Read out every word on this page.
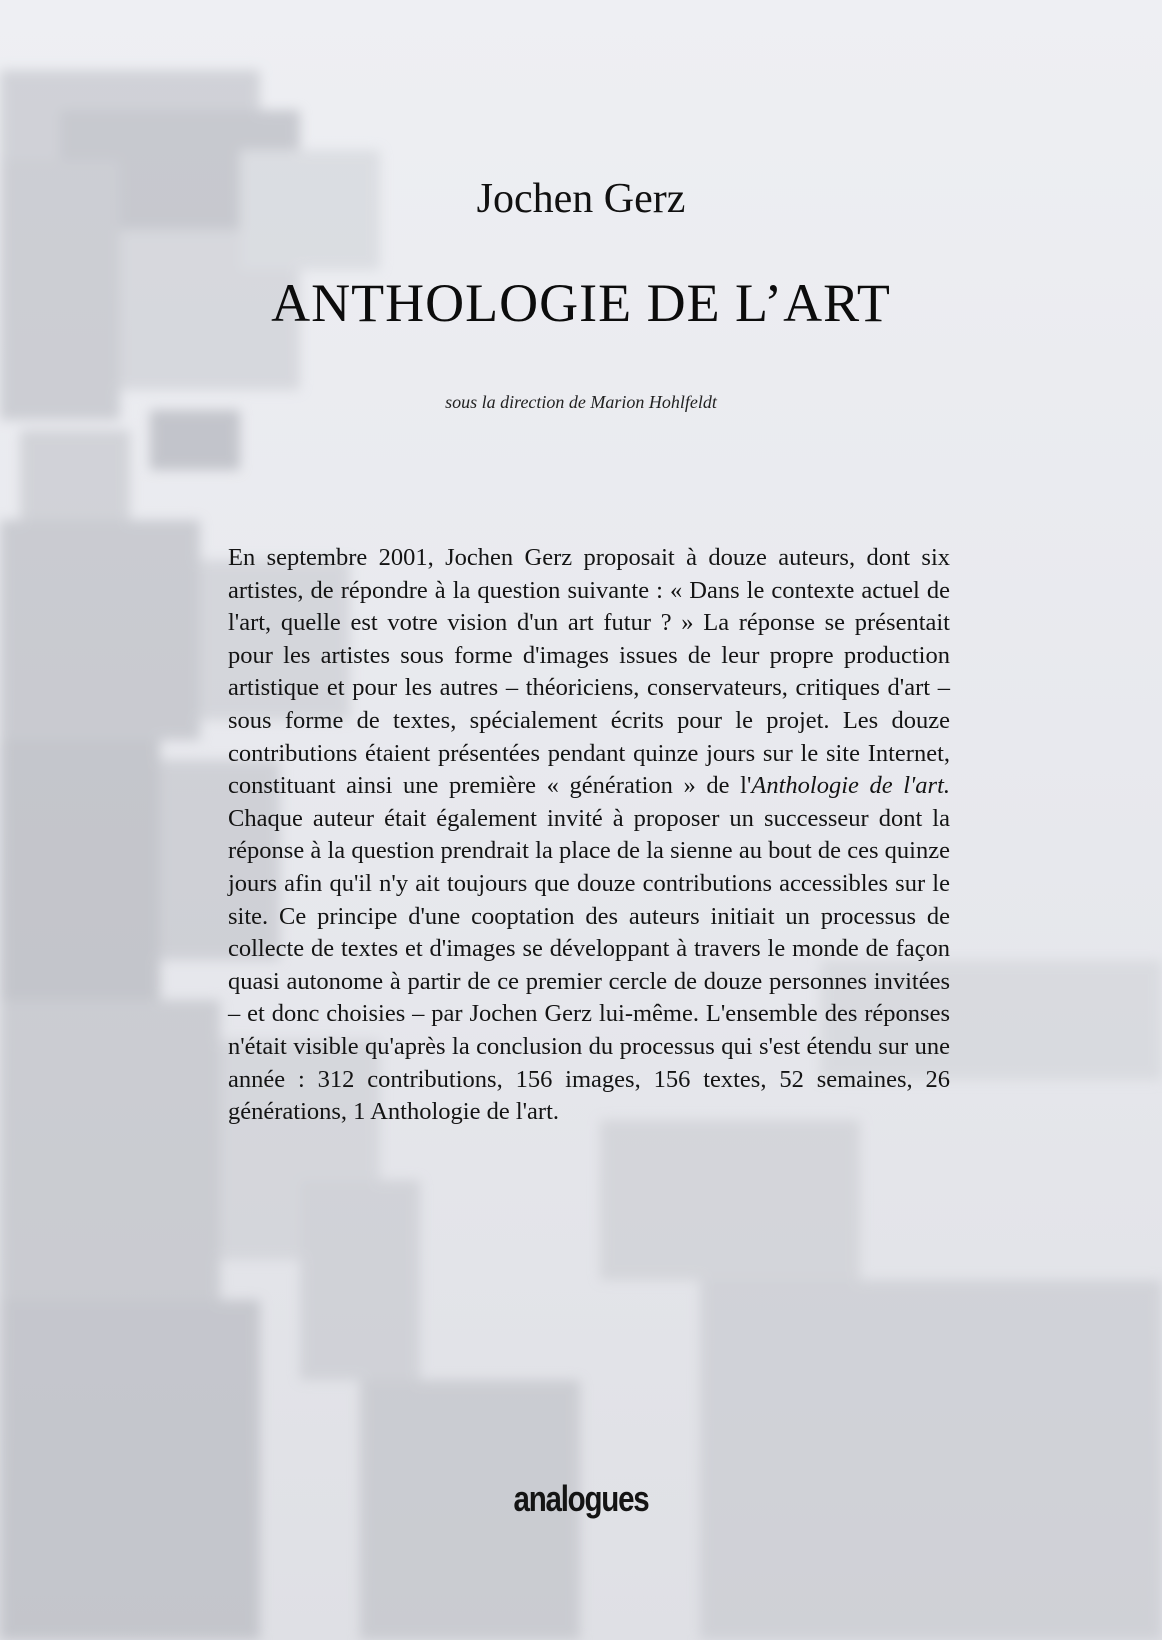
Jochen Gerz
ANTHOLOGIE DE L’ART
sous la direction de Marion Hohlfeldt

En septembre 2001, Jochen Gerz proposait à douze auteurs, dont six artistes, de répondre à la question suivante : « Dans le contexte actuel de l'art, quelle est votre vision d'un art futur ? » La réponse se présentait pour les artistes sous forme d'images issues de leur propre production artistique et pour les autres – théoriciens, conservateurs, critiques d'art – sous forme de textes, spécialement écrits pour le projet. Les douze contributions étaient présentées pendant quinze jours sur le site Internet, constituant ainsi une première « génération » de l'Anthologie de l'art. Chaque auteur était également invité à proposer un successeur dont la réponse à la question prendrait la place de la sienne au bout de ces quinze jours afin qu'il n'y ait toujours que douze contributions accessibles sur le site. Ce principe d'une cooptation des auteurs initiait un processus de collecte de textes et d'images se développant à travers le monde de façon quasi autonome à partir de ce premier cercle de douze personnes invitées – et donc choisies – par Jochen Gerz lui-même. L'ensemble des réponses n'était visible qu'après la conclusion du processus qui s'est étendu sur une année : 312 contributions, 156 images, 156 textes, 52 semaines, 26 générations, 1 Anthologie de l'art.

analogues
